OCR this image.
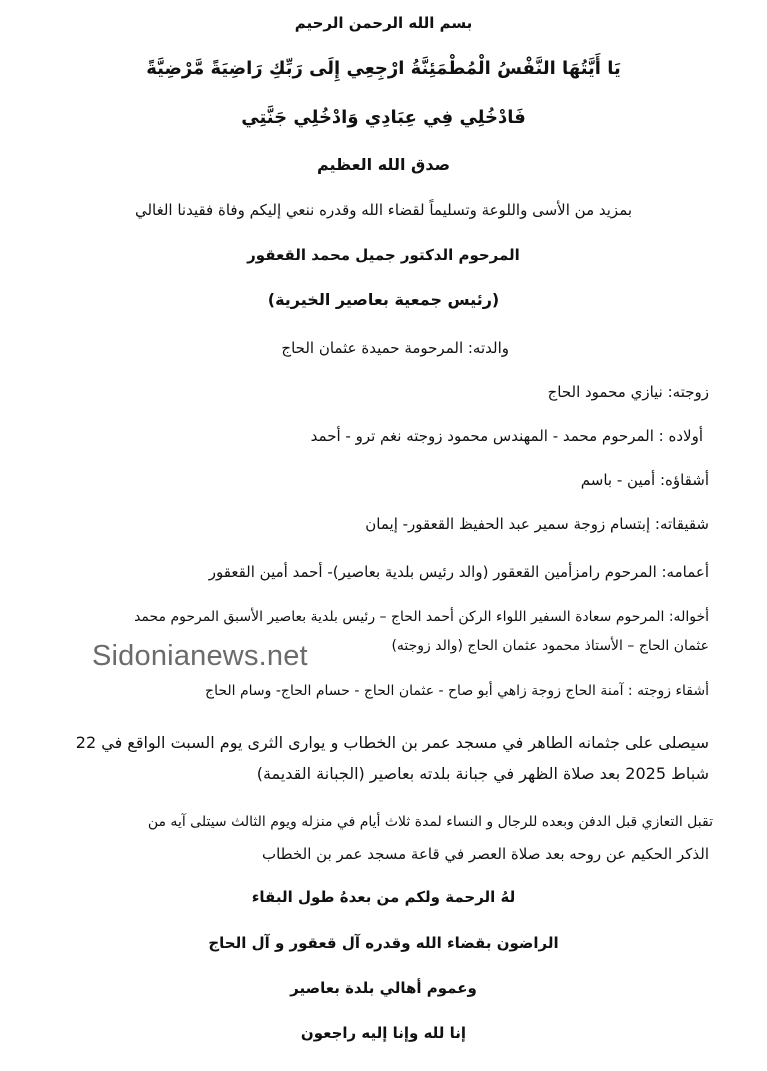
بسم الله الرحمن الرحيم
يَا أَيَّتُهَا النَّفْسُ الْمُطْمَئِنَّةُ ارْجِعِي إِلَى رَبِّكِ رَاضِيَةً مَّرْضِيَّةً
فَادْخُلِي فِي عِبَادِي وَادْخُلِي جَنَّتِي
صدق الله العظيم
بمزيد من الأسى واللوعة وتسليماً لقضاء الله وقدره ننعي إليكم وفاة فقيدنا الغالي
المرحوم الدكتور جميل محمد القعقور
(رئيس جمعية بعاصير الخيرية)
والدته: المرحومة حميدة عثمان الحاج
زوجته: نيازي محمود الحاج
أولاده : المرحوم محمد - المهندس محمود زوجته نغم ترو - أحمد
أشقاؤه: أمين - باسم
شقيقاته: إبتسام زوجة سمير عبد الحفيظ القعقور- إيمان
أعمامه: المرحوم رامزأمين القعقور (والد رئيس بلدية بعاصير)- أحمد أمين القعقور
أخواله: المرحوم سعادة السفير اللواء الركن أحمد الحاج – رئيس بلدية بعاصير الأسبق المرحوم محمد
عثمان الحاج – الأستاذ محمود عثمان الحاج (والد زوجته)
Sidonianews.net
أشقاء زوجته : آمنة الحاج زوجة زاهي أبو صاح - عثمان الحاج - حسام الحاج- وسام الحاج
سيصلى على جثمانه الطاهر في مسجد عمر بن الخطاب و يوارى الثرى يوم السبت الواقع في 22
شباط 2025 بعد صلاة الظهر في جبانة بلدته بعاصير (الجبانة القديمة)
تقبل التعازي قبل الدفن وبعده للرجال و النساء لمدة ثلاث أيام في منزله ويوم الثالث سيتلى آيه من
الذكر الحكيم عن روحه بعد صلاة العصر في قاعة مسجد عمر بن الخطاب
لهُ الرحمة ولكم من بعدهُ طول البقاء
الراضون بقضاء الله وقدره آل قعقور و آل الحاج
وعموم أهالي بلدة بعاصير
إنا لله وإنا إليه راجعون
